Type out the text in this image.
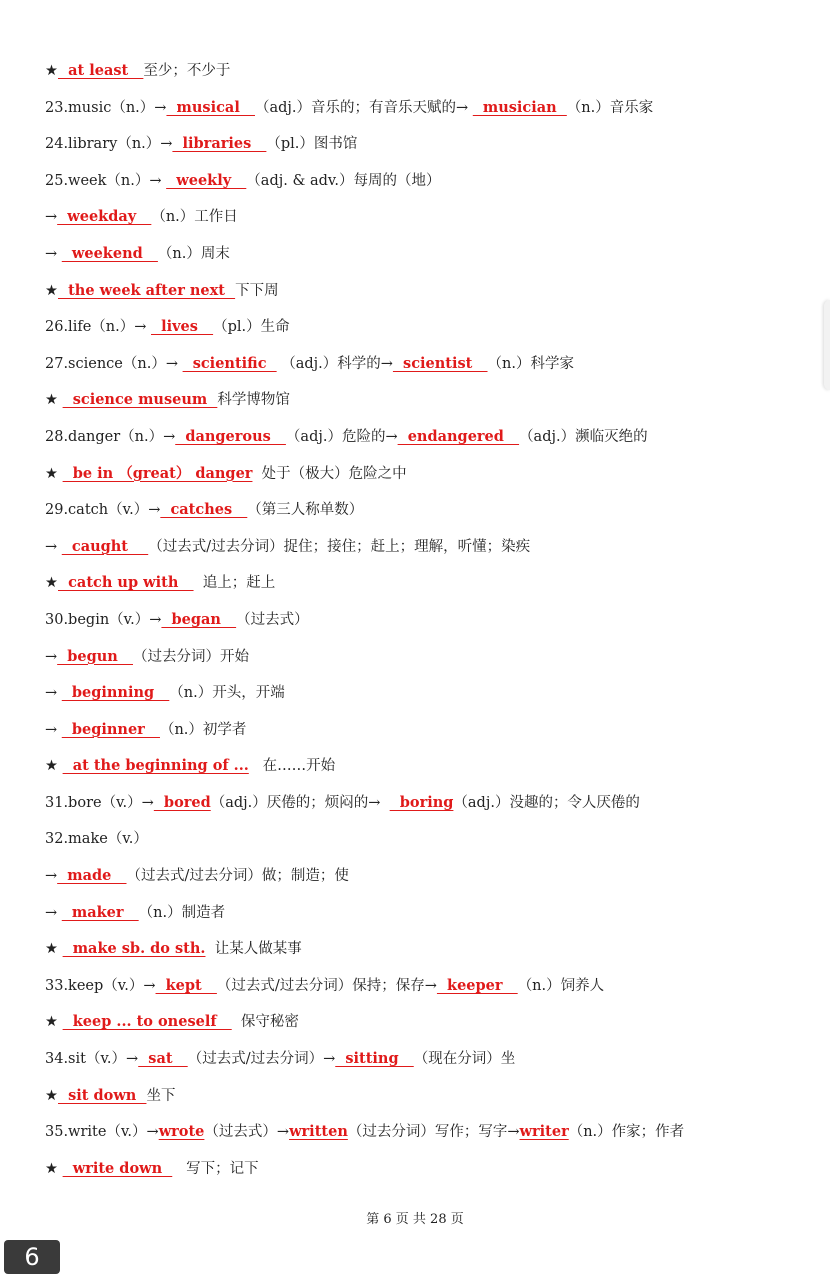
★  at least   至少；不少于
23.music（n.）→  musical   （adj.）音乐的；有音乐天赋的→   musician  （n.）音乐家
24.library（n.）→  libraries   （pl.）图书馆
25.week（n.）→   weekly   （adj. & adv.）每周的（地）
→  weekday   （n.）工作日
→   weekend   （n.）周末
★  the week after next  下下周
26.life（n.）→   lives   （pl.）生命
27.science（n.）→   scientific   （adj.）科学的→  scientist   （n.）科学家
★   science museum  科学博物馆
28.danger（n.）→  dangerous   （adj.）危险的→  endangered   （adj.）濒临灭绝的
★   be in （great） danger  处于（极大）危险之中
29.catch（v.）→  catches   （第三人称单数）
→   caught    （过去式/过去分词）捉住；接住；赶上；理解，听懂；染疾
★  catch up with     追上；赶上
30.begin（v.）→  began   （过去式）
→  begun   （过去分词）开始
→   beginning   （n.）开头，开端
→   beginner   （n.）初学者
★   at the beginning of ...   在……开始
31.bore（v.）→  bored（adj.）厌倦的；烦闷的→    boring（adj.）没趣的；令人厌倦的
32.make（v.）
→  made   （过去式/过去分词）做；制造；使
→   maker   （n.）制造者
★   make sb. do sth.  让某人做某事
33.keep（v.）→  kept   （过去式/过去分词）保持；保存→  keeper   （n.）饲养人
★   keep ... to oneself     保守秘密
34.sit（v.）→  sat   （过去式/过去分词）→  sitting   （现在分词）坐
★  sit down  坐下
35.write（v.）→wrote（过去式）→written（过去分词）写作；写字→writer（n.）作家；作者
★   write down     写下；记下
第 6 页 共 28 页
6
